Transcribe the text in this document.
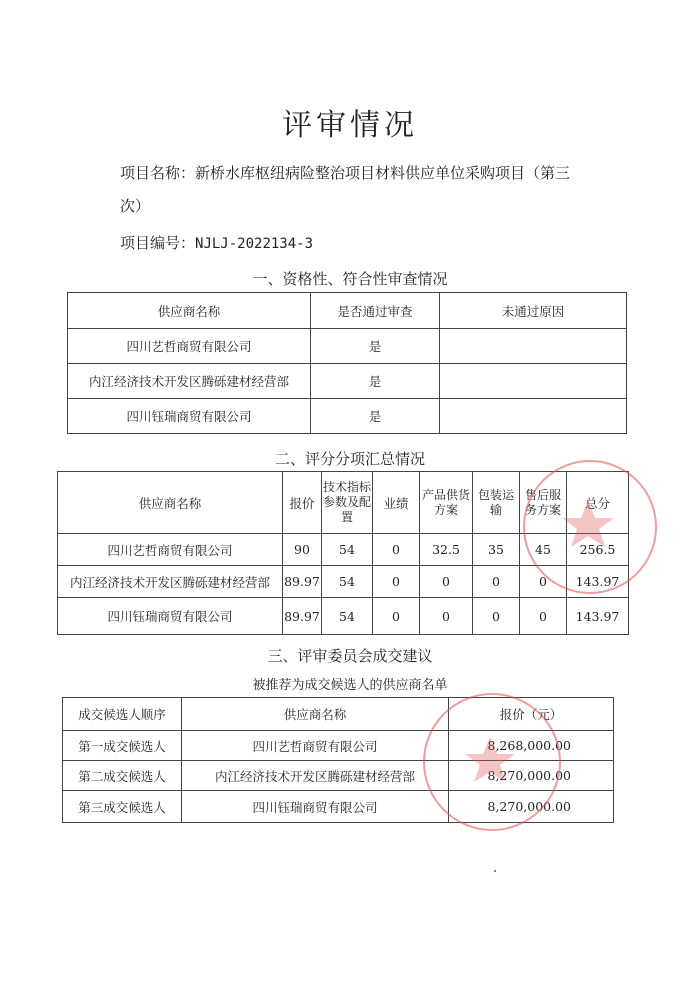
评审情况
项目名称：新桥水库枢纽病险整治项目材料供应单位采购项目（第三
次）
项目编号：NJLJ-2022134-3
一、资格性、符合性审查情况
供应商名称	是否通过审查	未通过原因
四川艺哲商贸有限公司	是	
内江经济技术开发区腾砾建材经营部	是	
四川钰瑞商贸有限公司	是	
二、评分分项汇总情况
供应商名称	报价	技术指标参数及配置	业绩	产品供货方案	包装运输	售后服务方案	总分
四川艺哲商贸有限公司	90	54	0	32.5	35	45	256.5
内江经济技术开发区腾砾建材经营部	89.97	54	0	0	0	0	143.97
四川钰瑞商贸有限公司	89.97	54	0	0	0	0	143.97
三、评审委员会成交建议
被推荐为成交候选人的供应商名单
成交候选人顺序	供应商名称	报价（元）
第一成交候选人	四川艺哲商贸有限公司	8,268,000.00
第二成交候选人	内江经济技术开发区腾砾建材经营部	8,270,000.00
第三成交候选人	四川钰瑞商贸有限公司	8,270,000.00
